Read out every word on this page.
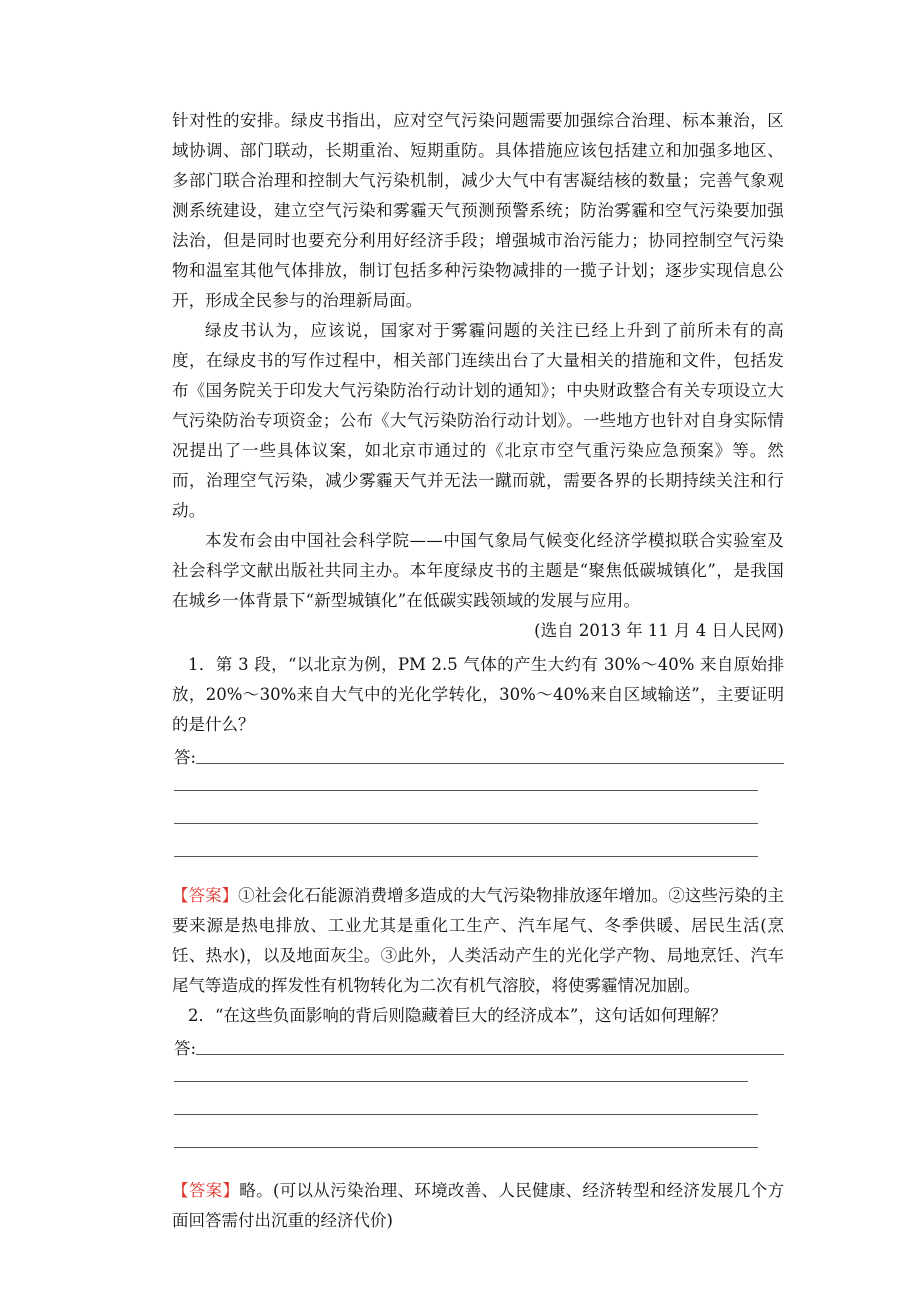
针对性的安排。绿皮书指出，应对空气污染问题需要加强综合治理、标本兼治，区域协调、部门联动，长期重治、短期重防。具体措施应该包括建立和加强多地区、多部门联合治理和控制大气污染机制，减少大气中有害凝结核的数量；完善气象观测系统建设，建立空气污染和雾霾天气预测预警系统；防治雾霾和空气污染要加强法治，但是同时也要充分利用好经济手段；增强城市治污能力；协同控制空气污染物和温室其他气体排放，制订包括多种污染物减排的一揽子计划；逐步实现信息公开，形成全民参与的治理新局面。

绿皮书认为，应该说，国家对于雾霾问题的关注已经上升到了前所未有的高度，在绿皮书的写作过程中，相关部门连续出台了大量相关的措施和文件，包括发布《国务院关于印发大气污染防治行动计划的通知》；中央财政整合有关专项设立大气污染防治专项资金；公布《大气污染防治行动计划》。一些地方也针对自身实际情况提出了一些具体议案，如北京市通过的《北京市空气重污染应急预案》等。然而，治理空气污染，减少雾霾天气并无法一蹴而就，需要各界的长期持续关注和行动。

本发布会由中国社会科学院——中国气象局气候变化经济学模拟联合实验室及社会科学文献出版社共同主办。本年度绿皮书的主题是“聚焦低碳城镇化”，是我国在城乡一体背景下“新型城镇化”在低碳实践领域的发展与应用。

(选自 2013 年 11 月 4 日人民网)

1．第 3 段，“以北京为例，PM 2.5 气体的产生大约有 30%～40% 来自原始排放，20%～30%来自大气中的光化学转化，30%～40%来自区域输送”，主要证明的是什么？

答:

【答案】①社会化石能源消费增多造成的大气污染物排放逐年增加。②这些污染的主要来源是热电排放、工业尤其是重化工生产、汽车尾气、冬季供暖、居民生活(烹饪、热水)，以及地面灰尘。③此外，人类活动产生的光化学产物、局地烹饪、汽车尾气等造成的挥发性有机物转化为二次有机气溶胶，将使雾霾情况加剧。

2．“在这些负面影响的背后则隐藏着巨大的经济成本”，这句话如何理解？

答:

【答案】略。(可以从污染治理、环境改善、人民健康、经济转型和经济发展几个方面回答需付出沉重的经济代价)
